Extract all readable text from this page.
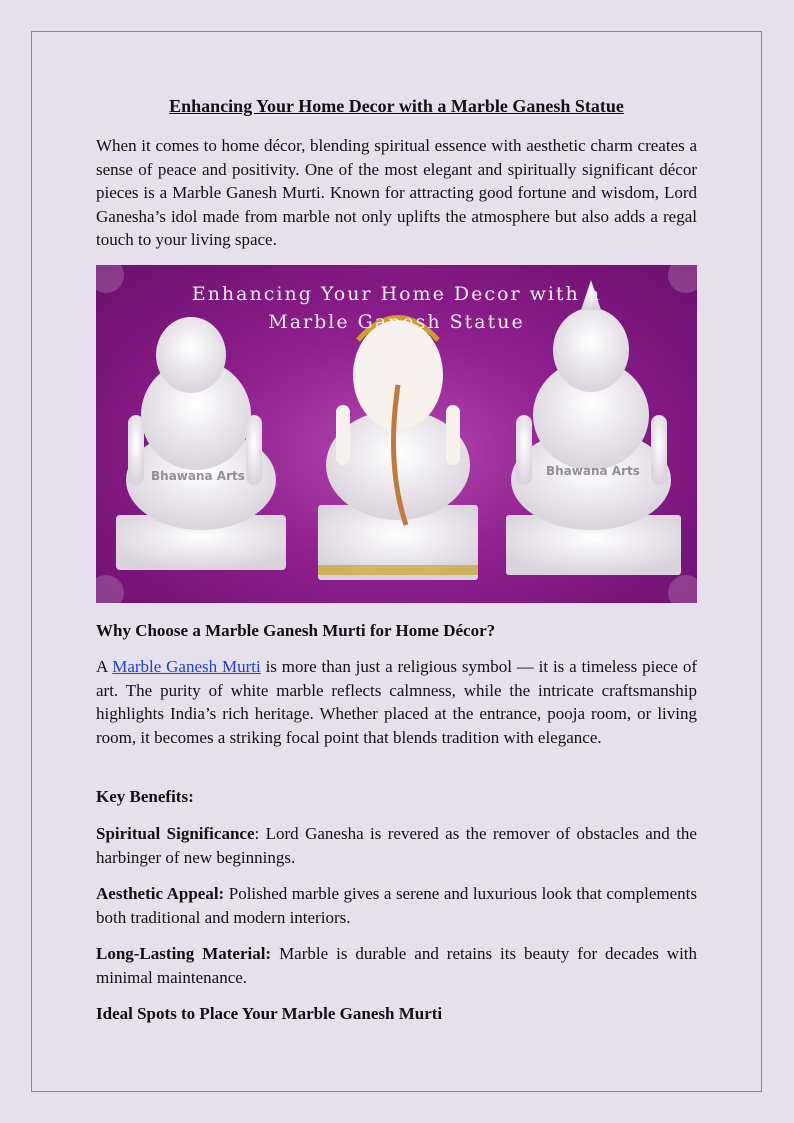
Enhancing Your Home Decor with a Marble Ganesh Statue
When it comes to home décor, blending spiritual essence with aesthetic charm creates a sense of peace and positivity. One of the most elegant and spiritually significant décor pieces is a Marble Ganesh Murti. Known for attracting good fortune and wisdom, Lord Ganesha’s idol made from marble not only uplifts the atmosphere but also adds a regal touch to your living space.
Bhawana Arts	Bhawana Arts
Enhancing Your Home Decor with a
Marble Ganesh Statue
Why Choose a Marble Ganesh Murti for Home Décor?
A Marble Ganesh Murti is more than just a religious symbol — it is a timeless piece of art. The purity of white marble reflects calmness, while the intricate craftsmanship highlights India’s rich heritage. Whether placed at the entrance, pooja room, or living room, it becomes a striking focal point that blends tradition with elegance.
Key Benefits:
Spiritual Significance: Lord Ganesha is revered as the remover of obstacles and the harbinger of new beginnings.
Aesthetic Appeal: Polished marble gives a serene and luxurious look that complements both traditional and modern interiors.
Long-Lasting Material: Marble is durable and retains its beauty for decades with minimal maintenance.
Ideal Spots to Place Your Marble Ganesh Murti
